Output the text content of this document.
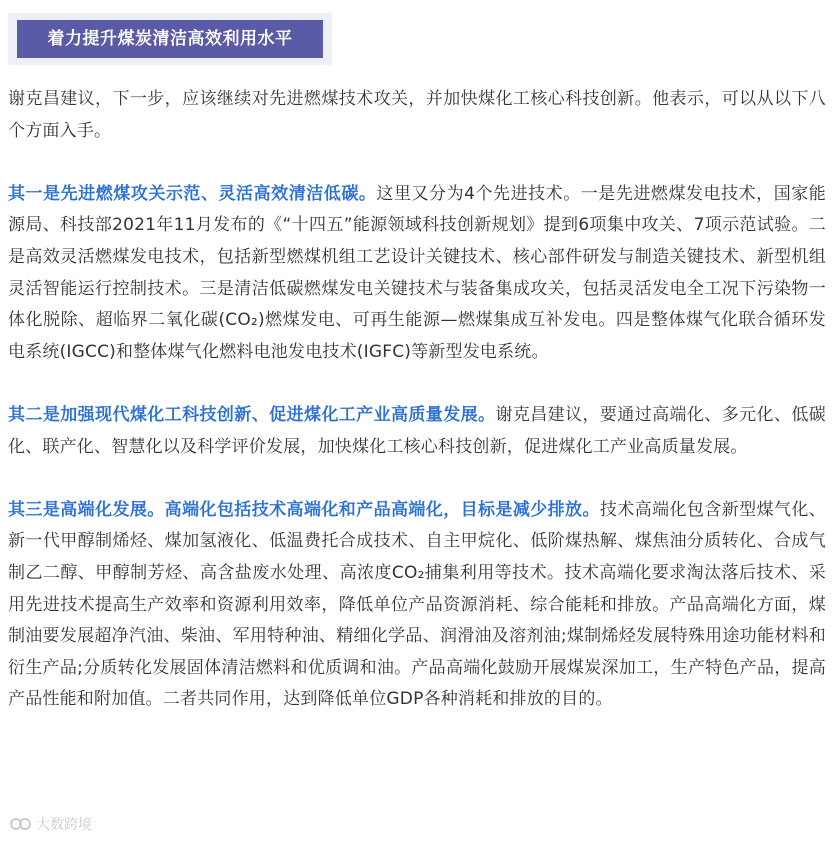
着力提升煤炭清洁高效利用水平

谢克昌建议，下一步，应该继续对先进燃煤技术攻关，并加快煤化工核心科技创新。他表示，可以从以下八个方面入手。

其一是先进燃煤攻关示范、灵活高效清洁低碳。这里又分为4个先进技术。一是先进燃煤发电技术，国家能源局、科技部2021年11月发布的《“十四五”能源领域科技创新规划》提到6项集中攻关、7项示范试验。二是高效灵活燃煤发电技术，包括新型燃煤机组工艺设计关键技术、核心部件研发与制造关键技术、新型机组灵活智能运行控制技术。三是清洁低碳燃煤发电关键技术与装备集成攻关，包括灵活发电全工况下污染物一体化脱除、超临界二氧化碳(CO₂)燃煤发电、可再生能源—燃煤集成互补发电。四是整体煤气化联合循环发电系统(IGCC)和整体煤气化燃料电池发电技术(IGFC)等新型发电系统。

其二是加强现代煤化工科技创新、促进煤化工产业高质量发展。谢克昌建议，要通过高端化、多元化、低碳化、联产化、智慧化以及科学评价发展，加快煤化工核心科技创新，促进煤化工产业高质量发展。

其三是高端化发展。高端化包括技术高端化和产品高端化，目标是减少排放。技术高端化包含新型煤气化、新一代甲醇制烯烃、煤加氢液化、低温费托合成技术、自主甲烷化、低阶煤热解、煤焦油分质转化、合成气制乙二醇、甲醇制芳烃、高含盐废水处理、高浓度CO₂捕集利用等技术。技术高端化要求淘汰落后技术、采用先进技术提高生产效率和资源利用效率，降低单位产品资源消耗、综合能耗和排放。产品高端化方面，煤制油要发展超净汽油、柴油、军用特种油、精细化学品、润滑油及溶剂油;煤制烯烃发展特殊用途功能材料和衍生产品;分质转化发展固体清洁燃料和优质调和油。产品高端化鼓励开展煤炭深加工，生产特色产品，提高产品性能和附加值。二者共同作用，达到降低单位GDP各种消耗和排放的目的。

大数跨境
